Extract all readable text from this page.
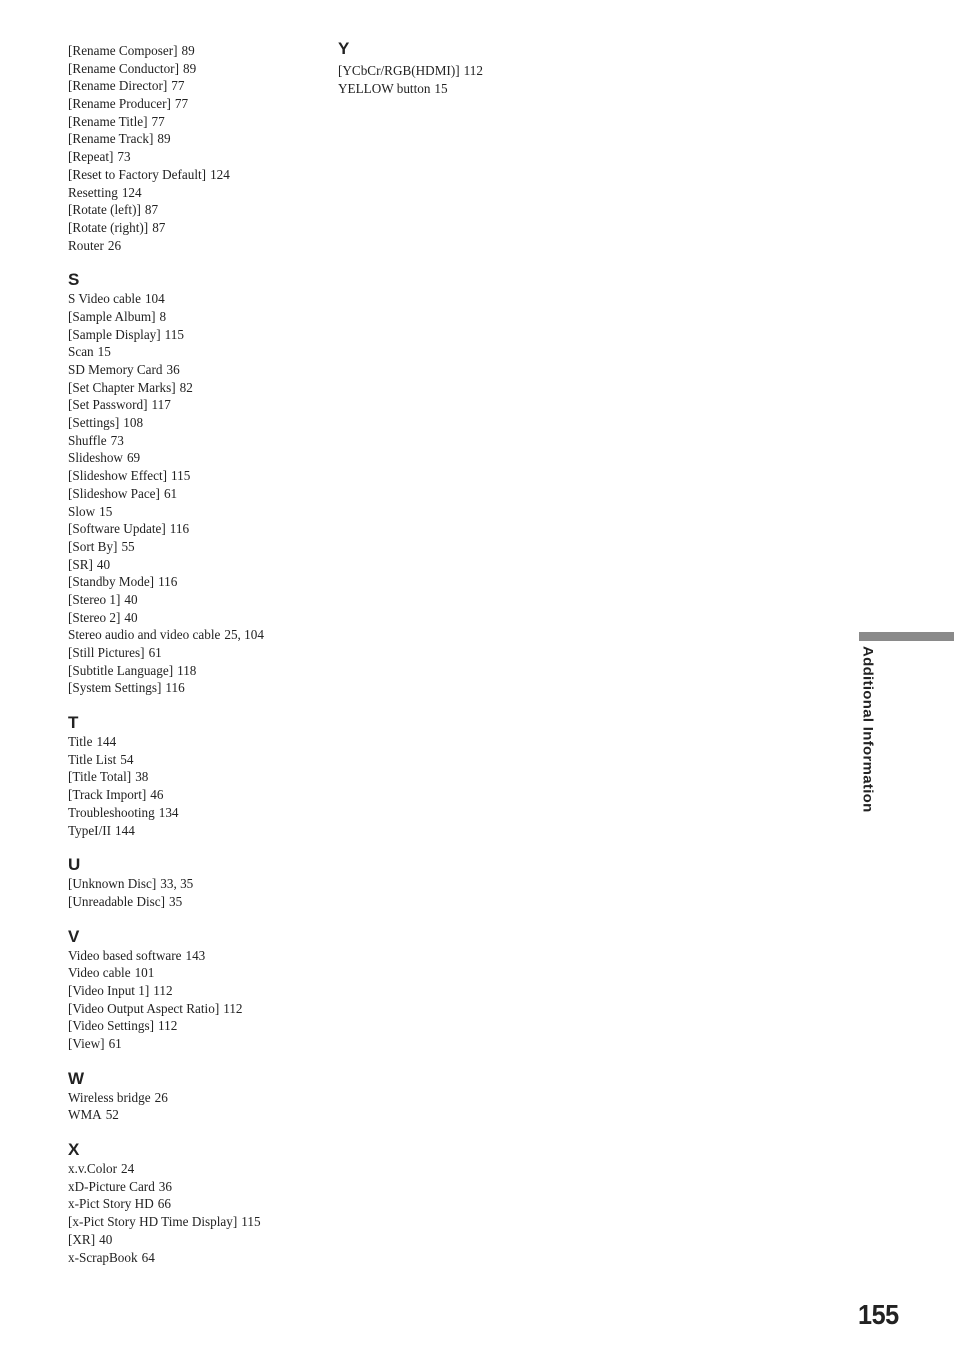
[Rename Composer] 89
[Rename Conductor] 89
[Rename Director] 77
[Rename Producer] 77
[Rename Title] 77
[Rename Track] 89
[Repeat] 73
[Reset to Factory Default] 124
Resetting 124
[Rotate (left)] 87
[Rotate (right)] 87
Router 26
S
S Video cable 104
[Sample Album] 8
[Sample Display] 115
Scan 15
SD Memory Card 36
[Set Chapter Marks] 82
[Set Password] 117
[Settings] 108
Shuffle 73
Slideshow 69
[Slideshow Effect] 115
[Slideshow Pace] 61
Slow 15
[Software Update] 116
[Sort By] 55
[SR] 40
[Standby Mode] 116
[Stereo 1] 40
[Stereo 2] 40
Stereo audio and video cable 25, 104
[Still Pictures] 61
[Subtitle Language] 118
[System Settings] 116
T
Title 144
Title List 54
[Title Total] 38
[Track Import] 46
Troubleshooting 134
TypeI/II 144
U
[Unknown Disc] 33, 35
[Unreadable Disc] 35
V
Video based software 143
Video cable 101
[Video Input 1] 112
[Video Output Aspect Ratio] 112
[Video Settings] 112
[View] 61
W
Wireless bridge 26
WMA 52
X
x.v.Color 24
xD-Picture Card 36
x-Pict Story HD 66
[x-Pict Story HD Time Display] 115
[XR] 40
x-ScrapBook 64
Y
[YCbCr/RGB(HDMI)] 112
YELLOW button 15
Additional Information
155
